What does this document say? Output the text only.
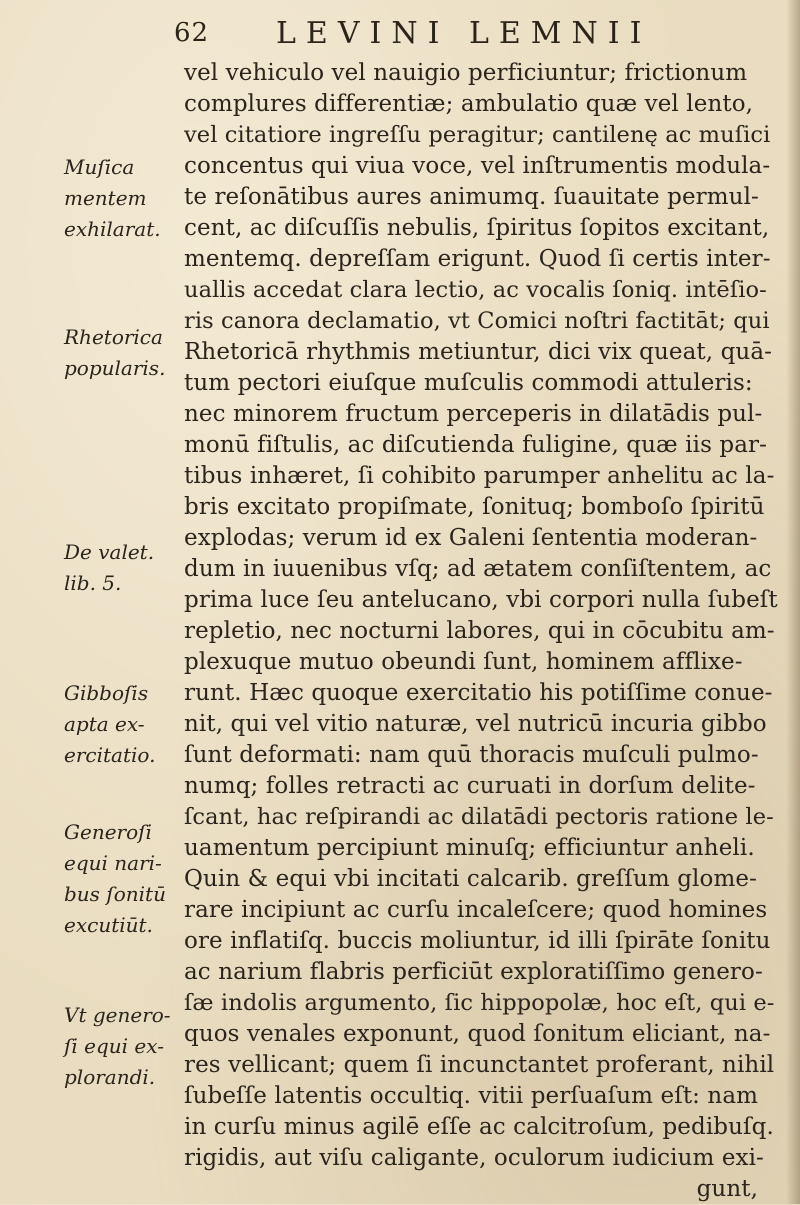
62 LEVINI LEMNII
Muſica
mentem
exhilarat.
Rhetorica
popularis.
De valet.
lib. 5.
Gibboſis
apta ex-
ercitatio.
Generoſi
equi nari-
bus ſonitū
excutiūt.
Vt genero-
ſi equi ex-
plorandi.
vel vehiculo vel nauigio perficiuntur; frictionum
complures differentiæ; ambulatio quæ vel lento,
vel citatiore ingreſſu peragitur; cantilenę ac muſici
concentus qui viua voce, vel inſtrumentis modula-
te reſonātibus aures animumq. ſuauitate permul-
cent, ac diſcuſſis nebulis, ſpiritus ſopitos excitant,
mentemq. depreſſam erigunt. Quod ſi certis inter-
uallis accedat clara lectio, ac vocalis ſoniq. intēſio-
ris canora declamatio, vt Comici noſtri factitāt; qui
Rhetoricā rhythmis metiuntur, dici vix queat, quā-
tum pectori eiuſque muſculis commodi attuleris:
nec minorem fructum perceperis in dilatādis pul-
monū fiſtulis, ac diſcutienda fuligine, quæ iis par-
tibus inhæret, ſi cohibito parumper anhelitu ac la-
bris excitato propiſmate, ſonituq; bomboſo ſpiritū
explodas; verum id ex Galeni ſententia moderan-
dum in iuuenibus vſq; ad ætatem conſiſtentem, ac
prima luce ſeu antelucano, vbi corpori nulla ſubeſt
repletio, nec nocturni labores, qui in cōcubitu am-
plexuque mutuo obeundi ſunt, hominem afflixe-
runt. Hæc quoque exercitatio his potiſſime conue-
nit, qui vel vitio naturæ, vel nutricū incuria gibbo
ſunt deformati: nam quū thoracis muſculi pulmo-
numq; folles retracti ac curuati in dorſum delite-
ſcant, hac reſpirandi ac dilatādi pectoris ratione le-
uamentum percipiunt minuſq; efficiuntur anheli.
Quin & equi vbi incitati calcarib. greſſum glome-
rare incipiunt ac curſu incaleſcere; quod homines
ore inflatiſq. buccis moliuntur, id illi ſpirāte ſonitu
ac narium flabris perficiūt exploratiſſimo genero-
ſæ indolis argumento, ſic hippopolæ, hoc eſt, qui e-
quos venales exponunt, quod ſonitum eliciant, na-
res vellicant; quem ſi incunctantet proferant, nihil
ſubeſſe latentis occultiq. vitii perſuaſum eſt: nam
in curſu minus agilē eſſe ac calcitroſum, pedibuſq.
rigidis, aut viſu caligante, oculorum iudicium exi-
gunt,
